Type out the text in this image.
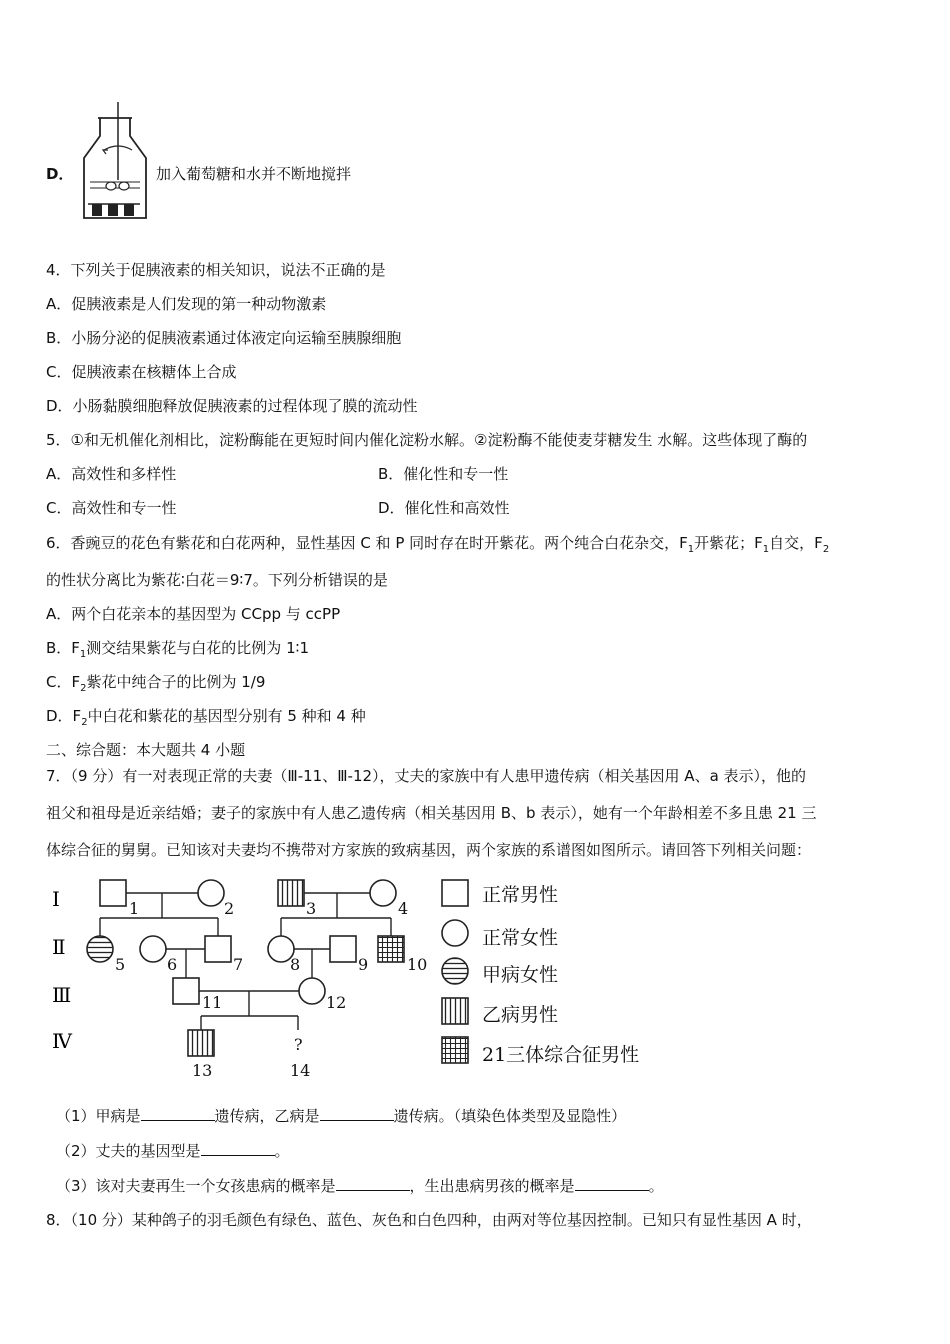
D．	加入葡萄糖和水并不断地搅拌
4．下列关于促胰液素的相关知识，说法不正确的是
A．促胰液素是人们发现的第一种动物激素
B．小肠分泌的促胰液素通过体液定向运输至胰腺细胞
C．促胰液素在核糖体上合成
D．小肠黏膜细胞释放促胰液素的过程体现了膜的流动性
5．①和无机催化剂相比，淀粉酶能在更短时间内催化淀粉水解。②淀粉酶不能使麦芽糖发生 水解。这些体现了酶的
A．高效性和多样性	B．催化性和专一性
C．高效性和专一性	D．催化性和高效性
6．香豌豆的花色有紫花和白花两种，显性基因 C 和 P 同时存在时开紫花。两个纯合白花杂交，$F_1$开紫花；$F_1$自交，$F_2$
的性状分离比为紫花∶白花＝9∶7。下列分析错误的是
A．两个白花亲本的基因型为 CCpp 与 ccPP
B．$F_1$测交结果紫花与白花的比例为 1∶1
C．$F_2$紫花中纯合子的比例为 1/9
D．$F_2$中白花和紫花的基因型分别有 5 种和 4 种
二、综合题：本大题共 4 小题
7．（9 分）有一对表现正常的夫妻（Ⅲ-11、Ⅲ-12），丈夫的家族中有人患甲遗传病（相关基因用 A、a 表示），他的
祖父和祖母是近亲结婚；妻子的家族中有人患乙遗传病（相关基因用 B、b 表示），她有一个年龄相差不多且患 21 三
体综合征的舅舅。已知该对夫妻均不携带对方家族的致病基因，两个家族的系谱图如图所示。请回答下列相关问题：
Ⅰ
Ⅱ
Ⅲ
Ⅳ
1	2	3	4
5	6	7	8	9 10
11	12
13	14
?
正常男性
正常女性
甲病女性
乙病男性
21三体综合征男性
（1）甲病是	遗传病，乙病是	遗传病。（填染色体类型及显隐性）
（2）丈夫的基因型是	。
（3）该对夫妻再生一个女孩患病的概率是	，生出患病男孩的概率是	。
8．（10 分）某种鸽子的羽毛颜色有绿色、蓝色、灰色和白色四种，由两对等位基因控制。已知只有显性基因 A 时，
